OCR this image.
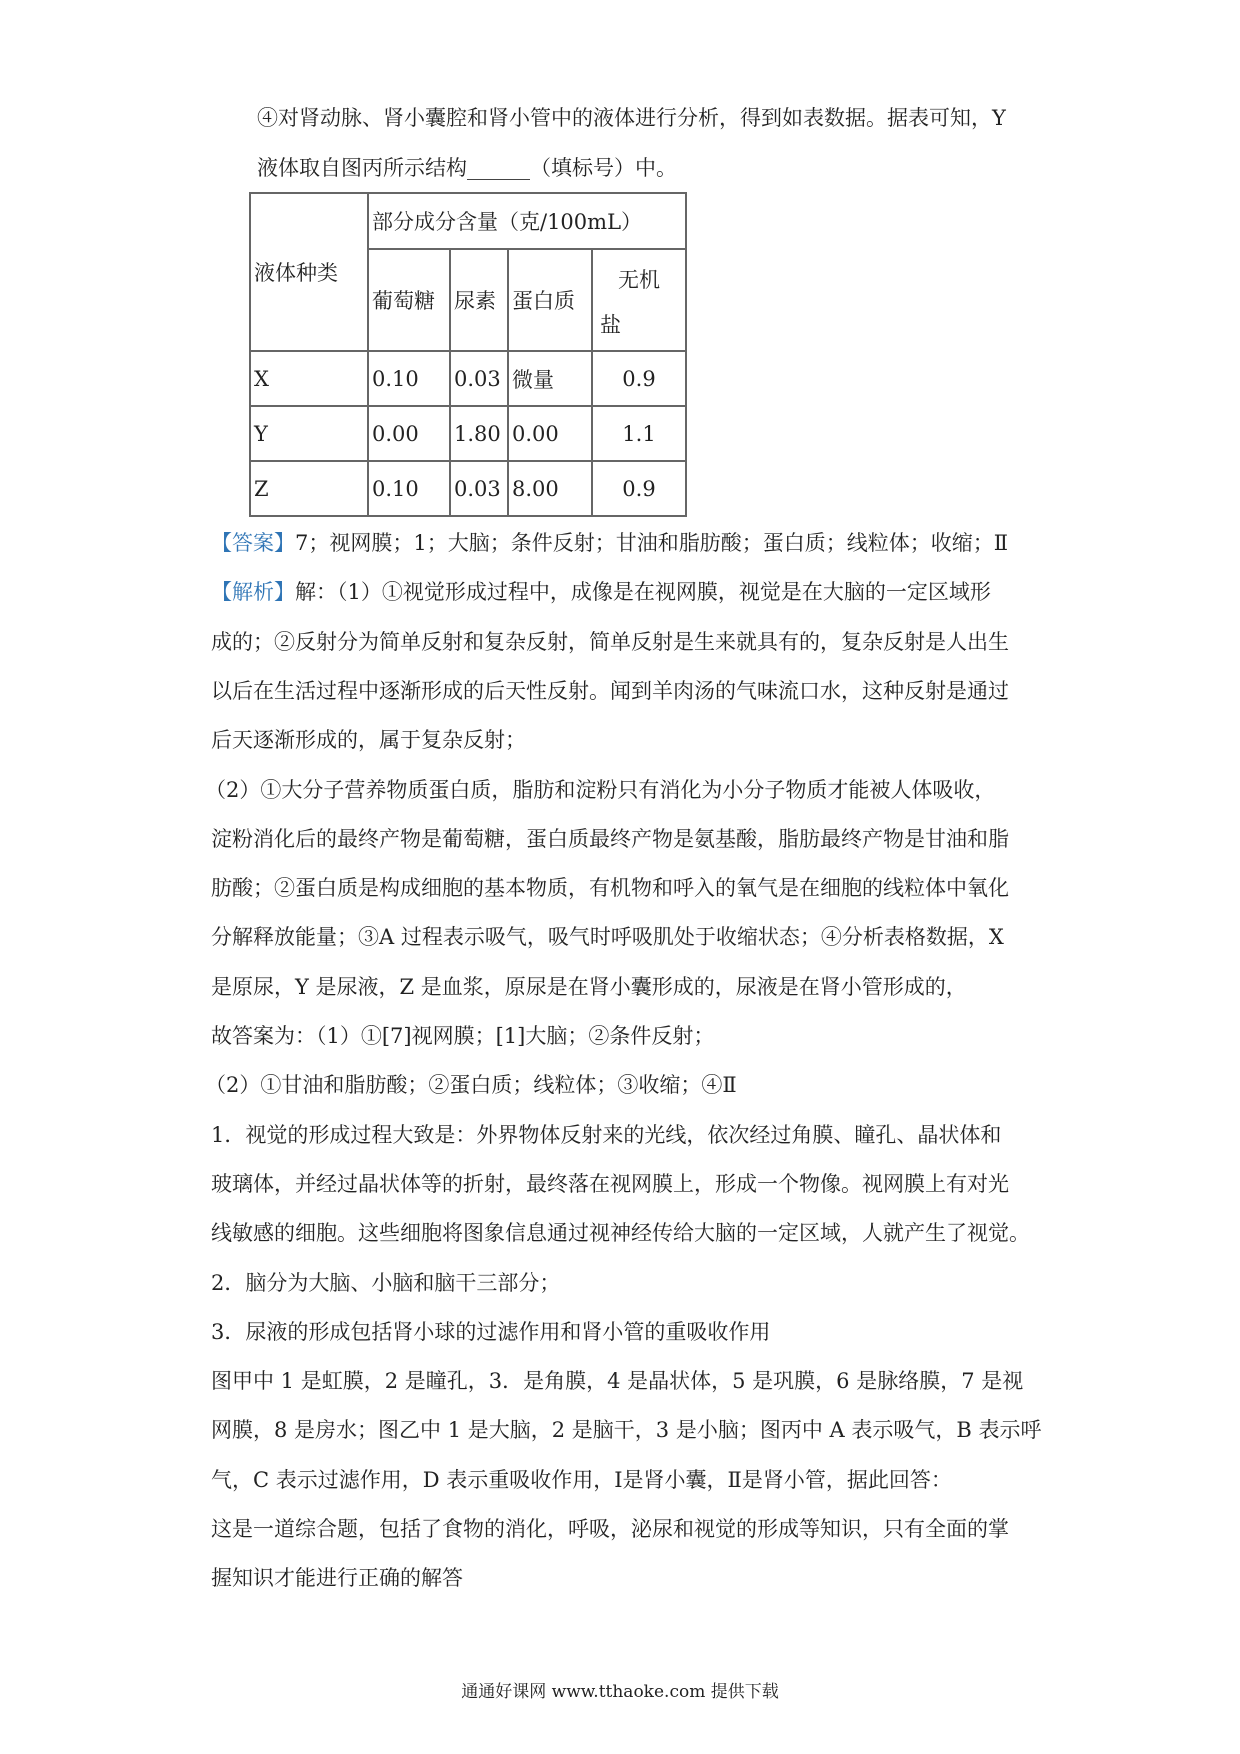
④对肾动脉、肾小囊腔和肾小管中的液体进行分析，得到如表数据。据表可知，Y
液体取自图丙所示结构______（填标号）中。
液体种类	部分成分含量（克/100mL）			
	葡萄糖	尿素	蛋白质	无机
盐

X	0.10	0.03	微量	0.9
Y	0.00	1.80	0.00	1.1
Z	0.10	0.03	8.00	0.9
【答案】7；视网膜；1；大脑；条件反射；甘油和脂肪酸；蛋白质；线粒体；收缩；Ⅱ
【解析】解：（1）①视觉形成过程中，成像是在视网膜，视觉是在大脑的一定区域形
成的；②反射分为简单反射和复杂反射，简单反射是生来就具有的，复杂反射是人出生
以后在生活过程中逐渐形成的后天性反射。闻到羊肉汤的气味流口水，这种反射是通过
后天逐渐形成的，属于复杂反射；
（2）①大分子营养物质蛋白质，脂肪和淀粉只有消化为小分子物质才能被人体吸收，
淀粉消化后的最终产物是葡萄糖，蛋白质最终产物是氨基酸，脂肪最终产物是甘油和脂
肪酸；②蛋白质是构成细胞的基本物质，有机物和呼入的氧气是在细胞的线粒体中氧化
分解释放能量；③A 过程表示吸气，吸气时呼吸肌处于收缩状态；④分析表格数据，X
是原尿，Y 是尿液，Z 是血浆，原尿是在肾小囊形成的，尿液是在肾小管形成的，
故答案为：（1）①[7]视网膜；[1]大脑；②条件反射；
（2）①甘油和脂肪酸；②蛋白质；线粒体；③收缩；④Ⅱ
1．视觉的形成过程大致是：外界物体反射来的光线，依次经过角膜、瞳孔、晶状体和
玻璃体，并经过晶状体等的折射，最终落在视网膜上，形成一个物像。视网膜上有对光
线敏感的细胞。这些细胞将图象信息通过视神经传给大脑的一定区域，人就产生了视觉。
2．脑分为大脑、小脑和脑干三部分；
3．尿液的形成包括肾小球的过滤作用和肾小管的重吸收作用
图甲中 1 是虹膜，2 是瞳孔，3．是角膜，4 是晶状体，5 是巩膜，6 是脉络膜，7 是视
网膜，8 是房水；图乙中 1 是大脑，2 是脑干，3 是小脑；图丙中 A 表示吸气，B 表示呼
气，C 表示过滤作用，D 表示重吸收作用，Ⅰ是肾小囊，Ⅱ是肾小管，据此回答：
这是一道综合题，包括了食物的消化，呼吸，泌尿和视觉的形成等知识，只有全面的掌
握知识才能进行正确的解答
通通好课网 www.tthaoke.com 提供下载
